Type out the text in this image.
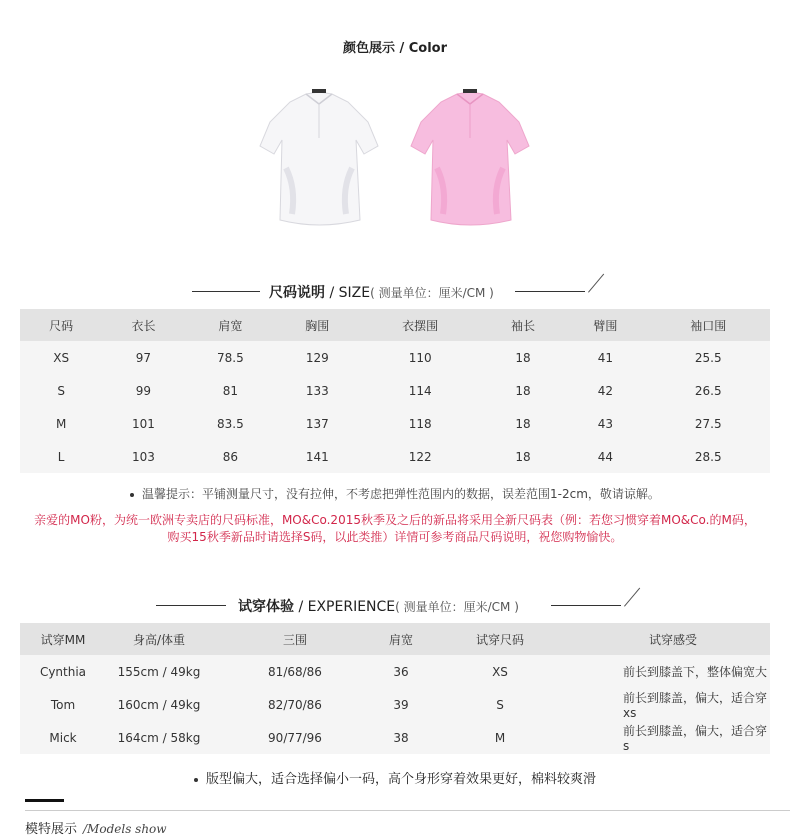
颜色展示 / Color
尺码说明 / SIZE( 测量单位：厘米/CM )
尺码	衣长	肩宽	胸围	衣摆围	袖长	臂围	袖口围
XS	97	78.5	129	110	18	41	25.5
S	99	81	133	114	18	42	26.5
M	101	83.5	137	118	18	43	27.5
L	103	86	141	122	18	44	28.5
温馨提示：平铺测量尺寸，没有拉伸，不考虑把弹性范围内的数据，误差范围1-2cm，敬请谅解。
亲爱的MO粉，为统一欧洲专卖店的尺码标准，MO&Co.2015秋季及之后的新品将采用全新尺码表（例：若您习惯穿着MO&Co.的M码，
购买15秋季新品时请选择S码，以此类推）详情可参考商品尺码说明，祝您购物愉快。
试穿体验 / EXPERIENCE( 测量单位：厘米/CM )
试穿MM	身高/体重	三围	肩宽	试穿尺码	试穿感受
Cynthia	155cm / 49kg	81/68/86	36	XS	前长到膝盖下，整体偏宽大
Tom	160cm / 49kg	82/70/86	39	S	前长到膝盖，偏大，适合穿xs
Mick	164cm / 58kg	90/77/96	38	M	前长到膝盖，偏大，适合穿s
版型偏大，适合选择偏小一码，高个身形穿着效果更好，棉料较爽滑
模特展示 /Models show
